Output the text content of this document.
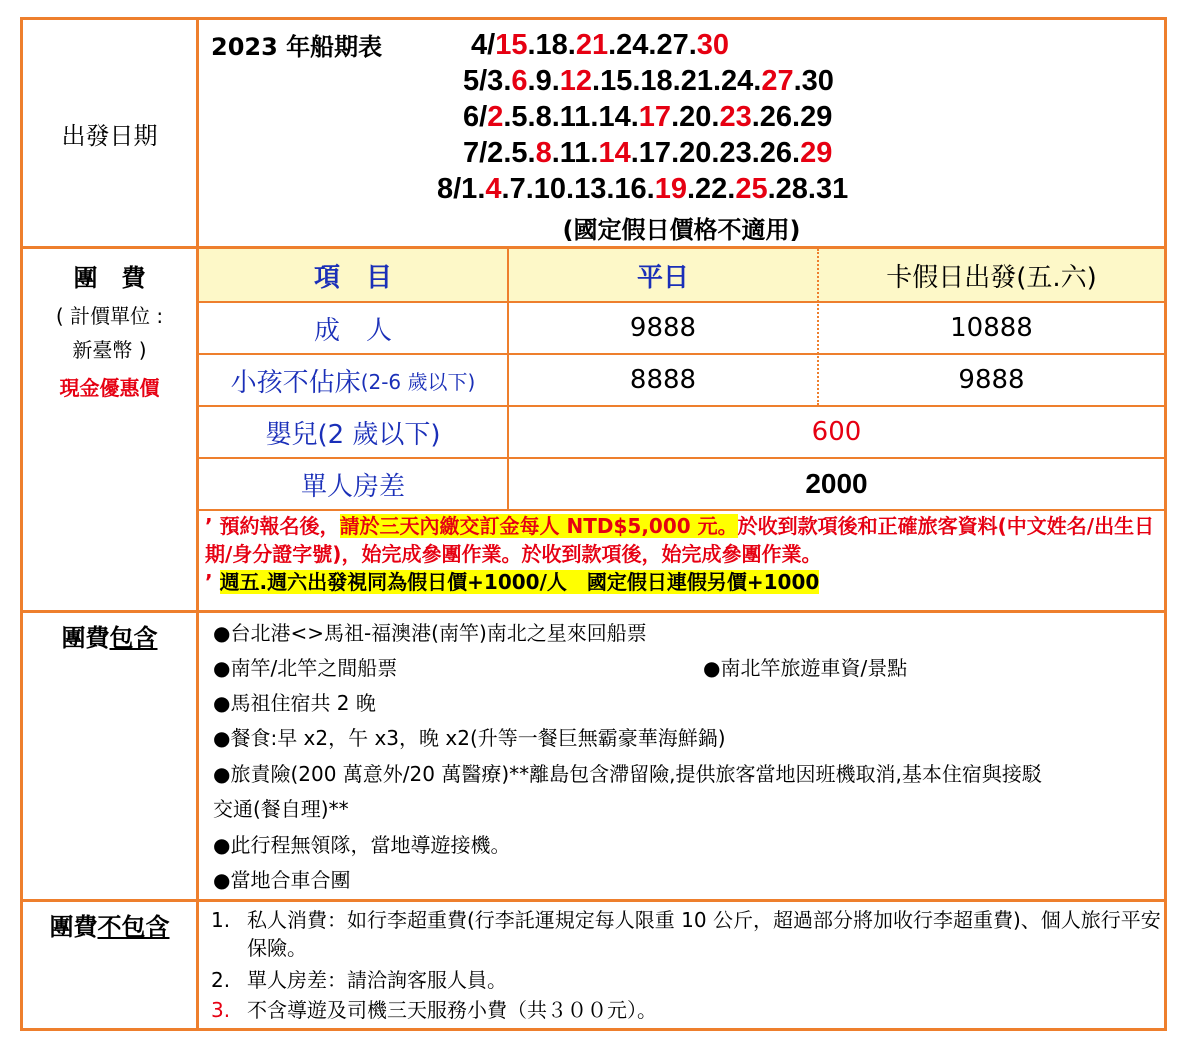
出發日期
2023 年船期表	4/15.18.21.24.27.30
5/3.6.9.12.15.18.21.24.27.30
6/2.5.8.11.14.17.20.23.26.29
7/2.5.8.11.14.17.20.23.26.29
8/1.4.7.10.13.16.19.22.25.28.31
(國定假日價格不適用)
團　費
( 計價單位 :
新臺幣 )
現金優惠價
項　目	平日	卡假日出發(五.六)
成　人	9888	10888
小孩不佔床 (2-6 歲以下)	8888	9888
嬰兒(2 歲以下)	600
單人房差	2000
’ 預約報名後，請於三天內繳交訂金每人 NTD$5,000 元。於收到款項後和正確旅客資料(中文姓名/出生日期/身分證字號)，始完成參團作業。於收到款項後，始完成參團作業。
’ 週五.週六出發視同為假日價+1000/人　國定假日連假另價+1000
團費包含	●台北港<>馬祖-福澳港(南竿)南北之星來回船票
●南竿/北竿之間船票	●南北竿旅遊車資/景點
●馬祖住宿共 2 晚
●餐食:早 x2，午 x3，晚 x2(升等一餐巨無霸豪華海鮮鍋)
●旅責險(200 萬意外/20 萬醫療)**離島包含滯留險,提供旅客當地因班機取消,基本住宿與接駁
交通(餐自理)**
●此行程無領隊，當地導遊接機。
●當地合車合團
團費不包含	1. 私人消費：如行李超重費(行李託運規定每人限重 10 公斤，超過部分將加收行李超重費)、個人旅行平安保險。
2. 單人房差：請洽詢客服人員。
3. 不含導遊及司機三天服務小費（共３００元）。
